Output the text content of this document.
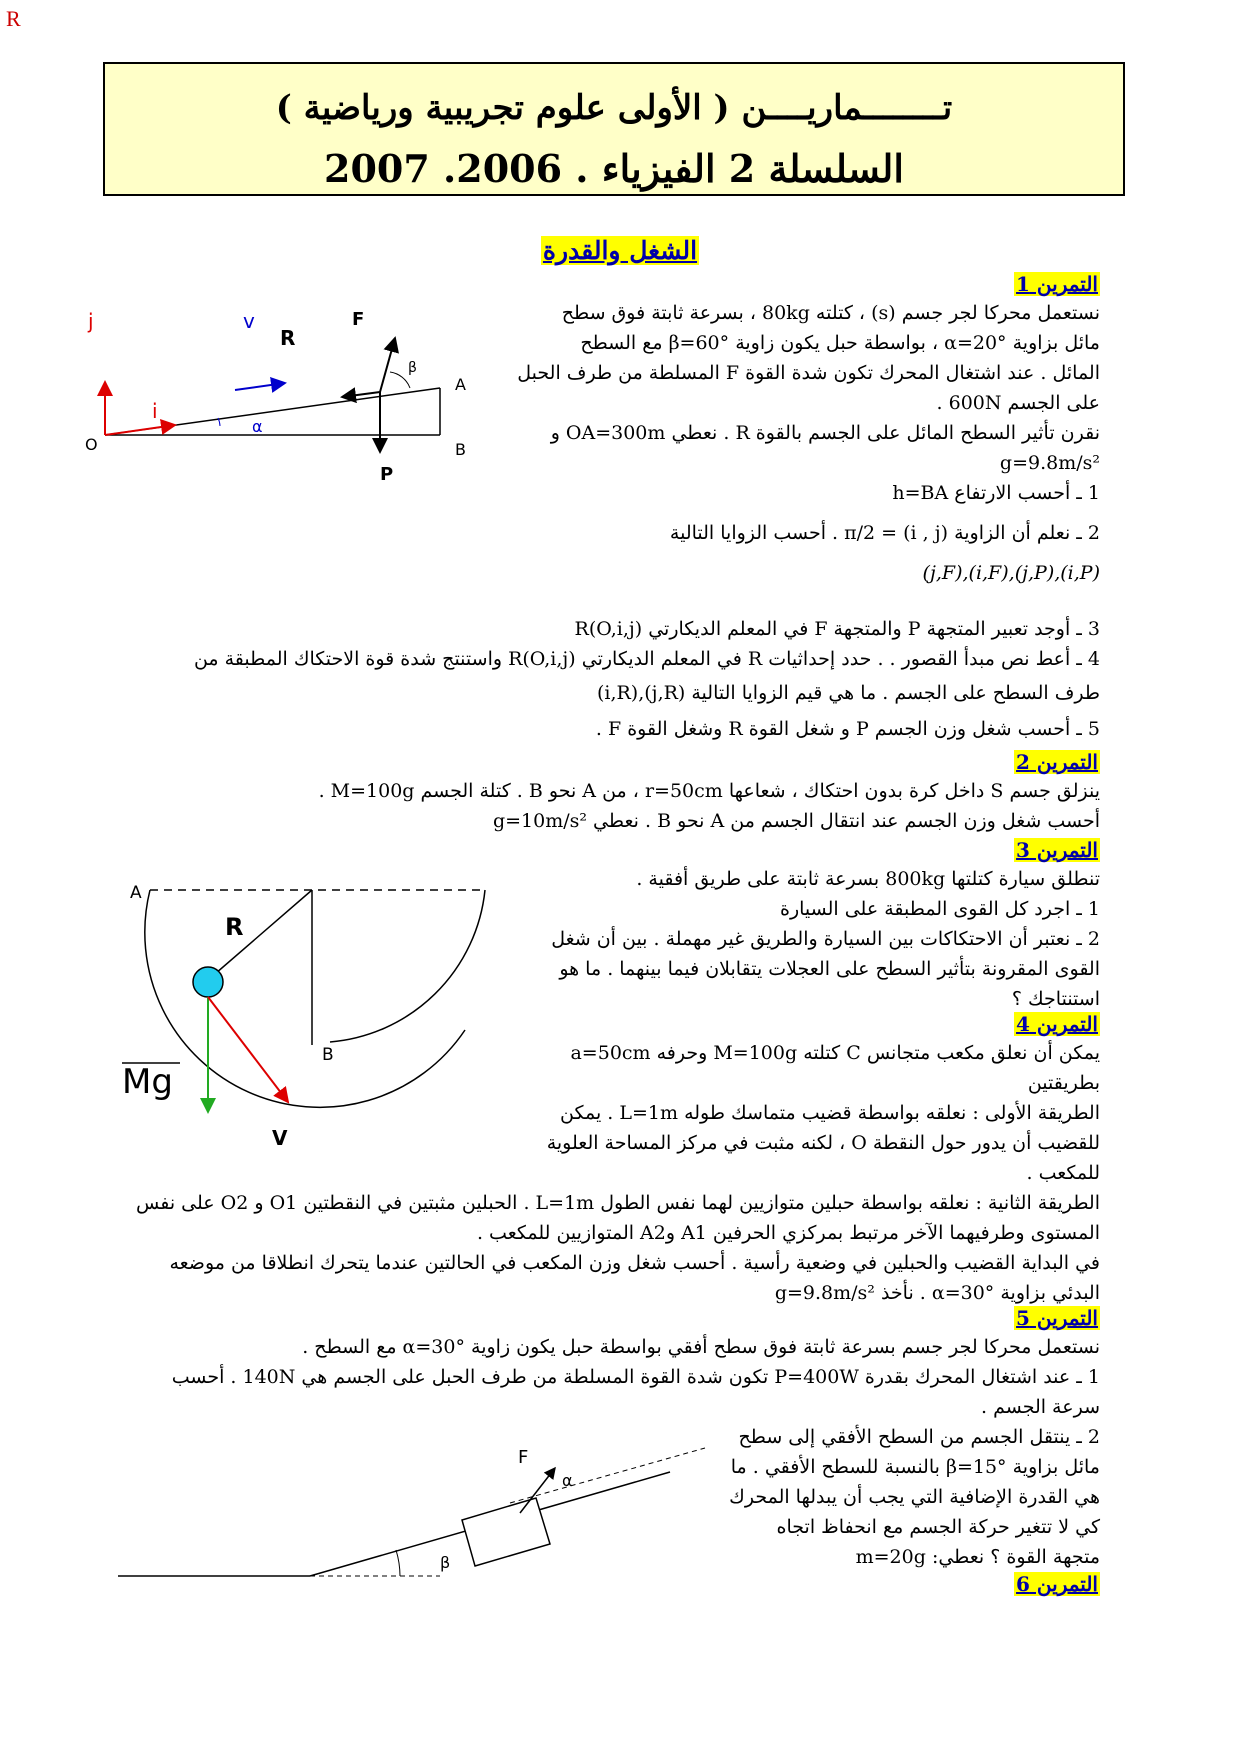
R
تــــــــماريــــن ( الأولى علوم تجريبية ورياضية )
السلسلة 2 الفيزياء . 2006. 2007
الشغل والقدرة
التمرين 1

نستعمل محركا لجر جسم (s) ، كتلته 80kg ، بسرعة ثابتة فوق سطح

مائل بزاوية α=20° ، بواسطة حبل يكون زاوية β=60° مع السطح

المائل . عند اشتغال المحرك تكون شدة القوة F المسلطة من طرف الحبل

على الجسم 600N .

نقرن تأثير السطح المائل على الجسم بالقوة R . نعطي OA=300m و

g=9.8m/s²

1 ـ أحسب الارتفاع h=BA

2 ـ نعلم أن الزاوية (i , j) = π/2 . أحسب الزوايا التالية

(j,F),(i,F),(j,P),(i,P)

3 ـ أوجد تعبير المتجهة P والمتجهة F في المعلم الديكارتي R(O,i,j)

4 ـ أعط نص مبدأ القصور . . حدد إحداثيات R في المعلم الديكارتي R(O,i,j) واستنتج شدة قوة الاحتكاك المطبقة من

طرف السطح على الجسم . ما هي قيم الزوايا التالية (j,R),(i,R)

5 ـ أحسب شغل وزن الجسم P و شغل القوة R وشغل القوة F .

التمرين 2

ينزلق جسم S داخل كرة بدون احتكاك ، شعاعها r=50cm ، من A نحو B . كتلة الجسم M=100g .

أحسب شغل وزن الجسم عند انتقال الجسم من A نحو B . نعطي g=10m/s²

التمرين 3

تنطلق سيارة كتلتها 800kg بسرعة ثابتة على طريق أفقية .

1 ـ اجرد كل القوى المطبقة على السيارة

2 ـ نعتبر أن الاحتكاكات بين السيارة والطريق غير مهملة . بين أن شغل

القوى المقرونة بتأثير السطح على العجلات يتقابلان فيما بينهما . ما هو

استنتاجك ؟

التمرين 4

يمكن أن نعلق مكعب متجانس C كتلته M=100g وحرفه a=50cm

بطريقتين

الطريقة الأولى : نعلقه بواسطة قضيب متماسك طوله L=1m . يمكن

للقضيب أن يدور حول النقطة O ، لكنه مثبت في مركز المساحة العلوية

للمكعب .

الطريقة الثانية : نعلقه بواسطة حبلين متوازيين لهما نفس الطول L=1m . الحبلين مثبتين في النقطتين O1 و O2 على نفس

المستوى وطرفيهما الآخر مرتبط بمركزي الحرفين A1 وA2 المتوازيين للمكعب .

في البداية القضيب والحبلين في وضعية رأسية . أحسب شغل وزن المكعب في الحالتين عندما يتحرك انطلاقا من موضعه

البدئي بزاوية α=30° . نأخذ g=9.8m/s²

التمرين 5

نستعمل محركا لجر جسم بسرعة ثابتة فوق سطح أفقي بواسطة حبل يكون زاوية α=30° مع السطح .

1 ـ عند اشتغال المحرك بقدرة P=400W تكون شدة القوة المسلطة من طرف الحبل على الجسم هي 140N . أحسب

سرعة الجسم .

2 ـ ينتقل الجسم من السطح الأفقي إلى سطح

مائل بزاوية β=15° بالنسبة للسطح الأفقي . ما

هي القدرة الإضافية التي يجب أن يبدلها المحرك

كي لا تتغير حركة الجسم مع انحفاظ اتجاه

متجهة القوة ؟ نعطي: m=20g

التمرين 6
j
i
v
R
F
P
O
A
B
α
β
A
B
R
Mg
V
F
α
β
